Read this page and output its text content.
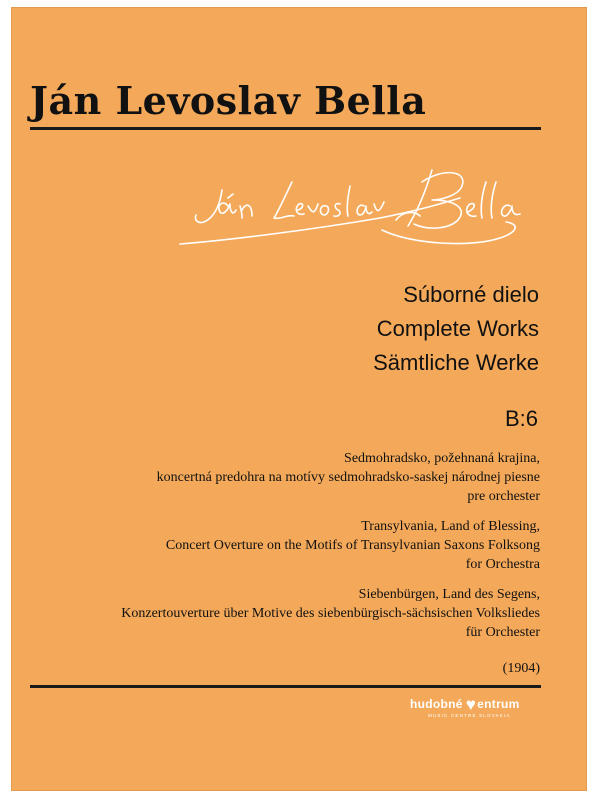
Ján Levoslav Bella
Súborné dielo
Complete Works
Sämtliche Werke
B:6
Sedmohradsko, požehnaná krajina,
koncertná predohra na motívy sedmohradsko-saskej národnej piesne
pre orchester
Transylvania, Land of Blessing,
Concert Overture on the Motifs of Transylvanian Saxons Folksong
for Orchestra
Siebenbürgen, Land des Segens,
Konzertouverture über Motive des siebenbürgisch-sächsischen Volksliedes
für Orchester
(1904)
hudobné ♥entrum
MUSIC CENTRE SLOVAKIA
